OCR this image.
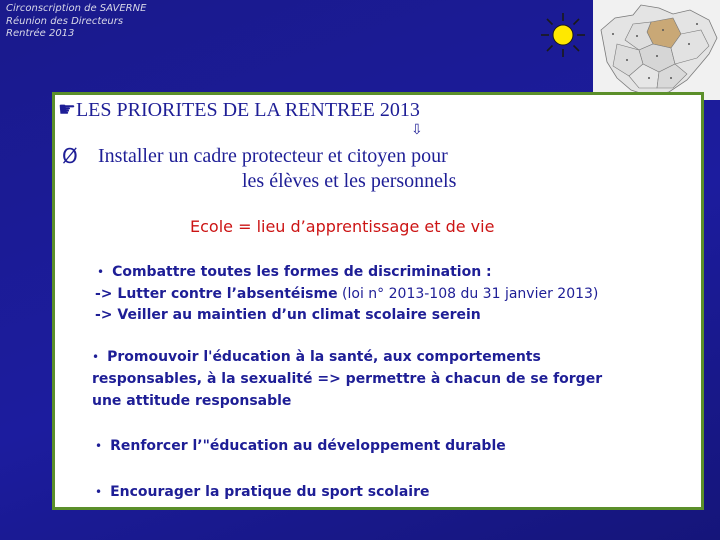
Circonscription de SAVERNE
Réunion des Directeurs
Rentrée 2013
☛LES PRIORITES DE LA RENTREE 2013
⇩
Ø Installer un cadre protecteur et citoyen pour
les élèves et les personnels
Ecole = lieu d’apprentissage et de vie
• Combattre toutes les formes de discrimination :
-> Lutter contre l’absentéisme (loi n° 2013-108 du 31 janvier 2013)
-> Veiller au maintien d’un climat scolaire serein
• Promouvoir l'éducation à la santé, aux comportements
responsables, à la sexualité => permettre à chacun de se forger
une attitude responsable
• Renforcer l’"éducation au développement durable
• Encourager la pratique du sport scolaire
